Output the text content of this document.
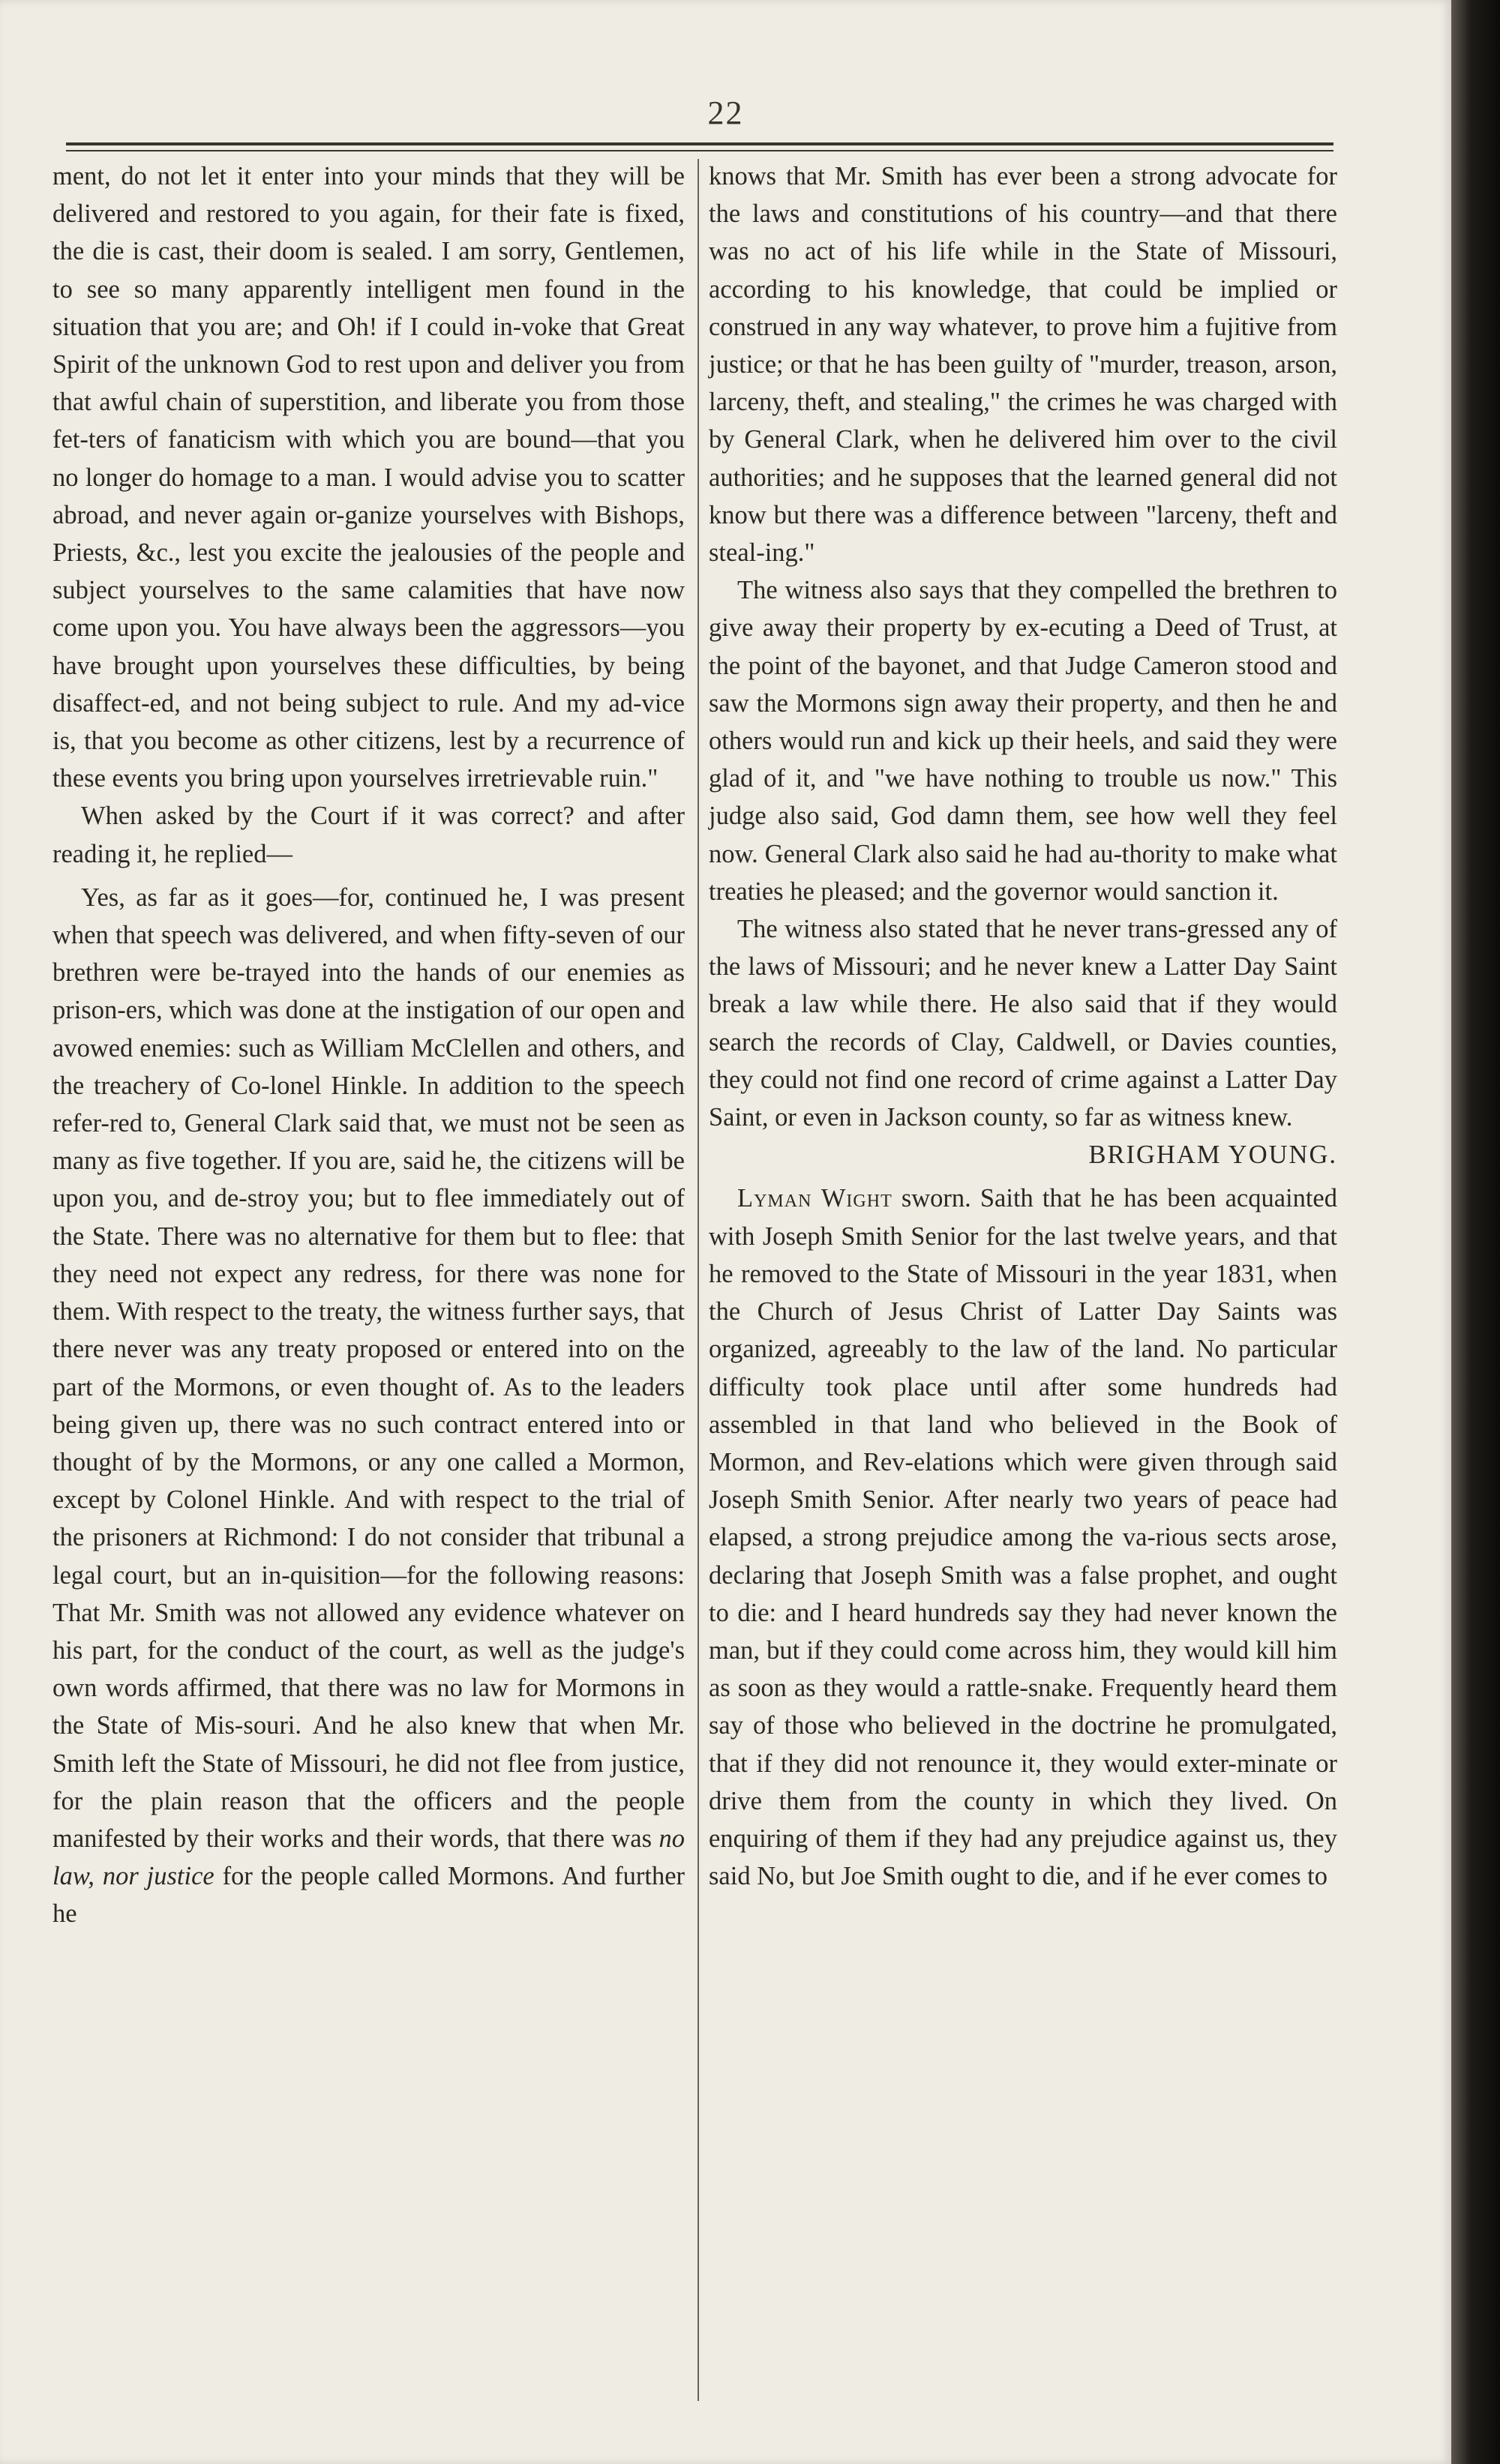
22

ment, do not let it enter into your minds that they will be delivered and restored to you again, for their fate is fixed, the die is cast, their doom is sealed. I am sorry, Gentlemen, to see so many apparently intelligent men found in the situation that you are; and Oh! if I could in-voke that Great Spirit of the unknown God to rest upon and deliver you from that awful chain of superstition, and liberate you from those fet-ters of fanaticism with which you are bound—that you no longer do homage to a man. I would advise you to scatter abroad, and never again or-ganize yourselves with Bishops, Priests, &c., lest you excite the jealousies of the people and subject yourselves to the same calamities that have now come upon you. You have always been the aggressors—you have brought upon yourselves these difficulties, by being disaffect-ed, and not being subject to rule. And my ad-vice is, that you become as other citizens, lest by a recurrence of these events you bring upon yourselves irretrievable ruin."

When asked by the Court if it was correct? and after reading it, he replied—

Yes, as far as it goes—for, continued he, I was present when that speech was delivered, and when fifty-seven of our brethren were be-trayed into the hands of our enemies as prison-ers, which was done at the instigation of our open and avowed enemies: such as William McClellen and others, and the treachery of Co-lonel Hinkle. In addition to the speech refer-red to, General Clark said that, we must not be seen as many as five together. If you are, said he, the citizens will be upon you, and de-stroy you; but to flee immediately out of the State. There was no alternative for them but to flee: that they need not expect any redress, for there was none for them. With respect to the treaty, the witness further says, that there never was any treaty proposed or entered into on the part of the Mormons, or even thought of. As to the leaders being given up, there was no such contract entered into or thought of by the Mormons, or any one called a Mormon, except by Colonel Hinkle. And with respect to the trial of the prisoners at Richmond: I do not consider that tribunal a legal court, but an in-quisition—for the following reasons: That Mr. Smith was not allowed any evidence whatever on his part, for the conduct of the court, as well as the judge's own words affirmed, that there was no law for Mormons in the State of Mis-souri. And he also knew that when Mr. Smith left the State of Missouri, he did not flee from justice, for the plain reason that the officers and the people manifested by their works and their words, that there was no law, nor justice for the people called Mormons. And further he

knows that Mr. Smith has ever been a strong advocate for the laws and constitutions of his country—and that there was no act of his life while in the State of Missouri, according to his knowledge, that could be implied or construed in any way whatever, to prove him a fujitive from justice; or that he has been guilty of "murder, treason, arson, larceny, theft, and stealing," the crimes he was charged with by General Clark, when he delivered him over to the civil authorities; and he supposes that the learned general did not know but there was a difference between "larceny, theft and steal-ing."

The witness also says that they compelled the brethren to give away their property by ex-ecuting a Deed of Trust, at the point of the bayonet, and that Judge Cameron stood and saw the Mormons sign away their property, and then he and others would run and kick up their heels, and said they were glad of it, and "we have nothing to trouble us now." This judge also said, God damn them, see how well they feel now. General Clark also said he had au-thority to make what treaties he pleased; and the governor would sanction it.

The witness also stated that he never trans-gressed any of the laws of Missouri; and he never knew a Latter Day Saint break a law while there. He also said that if they would search the records of Clay, Caldwell, or Davies counties, they could not find one record of crime against a Latter Day Saint, or even in Jackson county, so far as witness knew.

BRIGHAM YOUNG.

Lyman Wight sworn. Saith that he has been acquainted with Joseph Smith Senior for the last twelve years, and that he removed to the State of Missouri in the year 1831, when the Church of Jesus Christ of Latter Day Saints was organized, agreeably to the law of the land. No particular difficulty took place until after some hundreds had assembled in that land who believed in the Book of Mormon, and Rev-elations which were given through said Joseph Smith Senior. After nearly two years of peace had elapsed, a strong prejudice among the va-rious sects arose, declaring that Joseph Smith was a false prophet, and ought to die: and I heard hundreds say they had never known the man, but if they could come across him, they would kill him as soon as they would a rattle-snake. Frequently heard them say of those who believed in the doctrine he promulgated, that if they did not renounce it, they would exter-minate or drive them from the county in which they lived. On enquiring of them if they had any prejudice against us, they said No, but Joe Smith ought to die, and if he ever comes to
